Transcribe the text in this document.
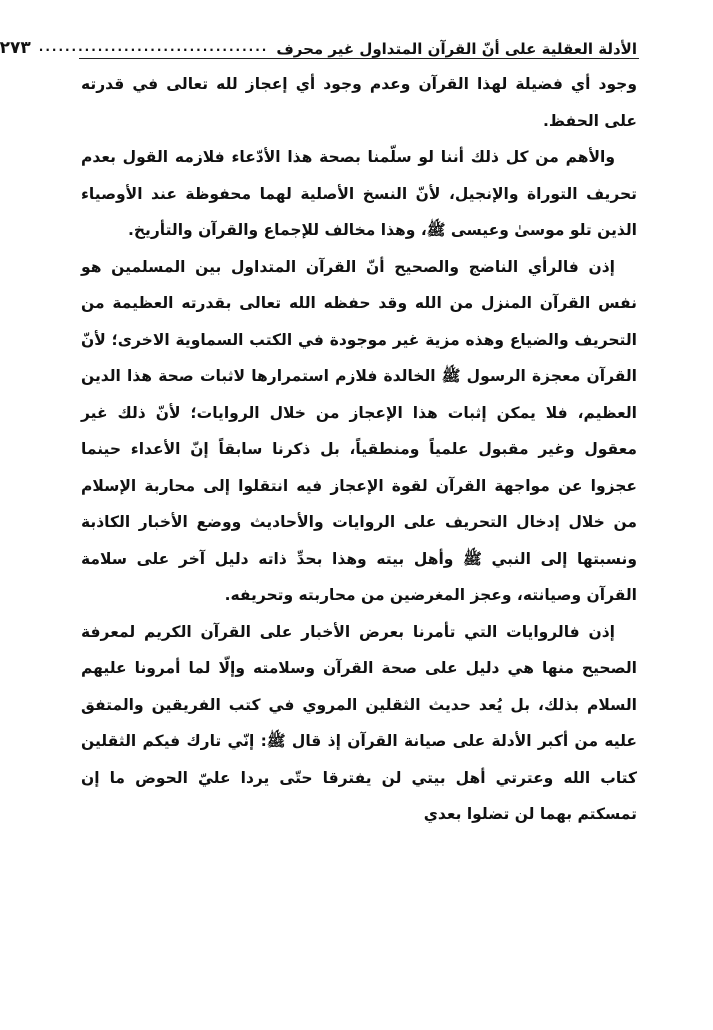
الأدلة العقلية على أنّ القرآن المتداول غير محرف
...................................
٢٧٣

وجود أي فضيلة لهذا القرآن وعدم وجود أي إعجاز لله تعالى في قدرته على الحفظ.

والأهم من كل ذلك أننا لو سلّمنا بصحة هذا الأدّعاء فلازمه القول بعدم تحريف التوراة والإنجيل، لأنّ النسخ الأصلية لهما محفوظة عند الأوصياء الذين تلو موسىٰ وعيسى ﷺ، وهذا مخالف للإجماع والقرآن والتأريخ.

إذن فالرأي الناضج والصحيح أنّ القرآن المتداول بين المسلمين هو نفس القرآن المنزل من الله وقد حفظه الله تعالى بقدرته العظيمة من التحريف والضياع وهذه مزية غير موجودة في الكتب السماوية الاخرى؛ لأنّ القرآن معجزة الرسول ﷺ الخالدة فلازم استمرارها لاثبات صحة هذا الدين العظيم، فلا يمكن إثبات هذا الإعجاز من خلال الروايات؛ لأنّ ذلك غير معقول وغير مقبول علمياً ومنطقياً، بل ذكرنا سابقاً إنّ الأعداء حينما عجزوا عن مواجهة القرآن لقوة الإعجاز فيه انتقلوا إلى محاربة الإسلام من خلال إدخال التحريف على الروايات والأحاديث ووضع الأخبار الكاذبة ونسبتها إلى النبي ﷺ وأهل بيته وهذا بحدِّ ذاته دليل آخر على سلامة القرآن وصيانته، وعجز المغرضين من محاربته وتحريفه.

إذن فالروايات التي تأمرنا بعرض الأخبار على القرآن الكريم لمعرفة الصحيح منها هي دليل على صحة القرآن وسلامته وإلّا لما أمرونا عليهم السلام بذلك، بل يُعد حديث الثقلين المروي في كتب الفريقين والمتفق عليه من أكبر الأدلة على صيانة القرآن إذ قال ﷺ: إنّي تارك فيكم الثقلين كتاب الله وعترتي أهل بيتي لن يفترقا حتّى يردا عليّ الحوض ما إن تمسكتم بهما لن تضلوا بعدي
